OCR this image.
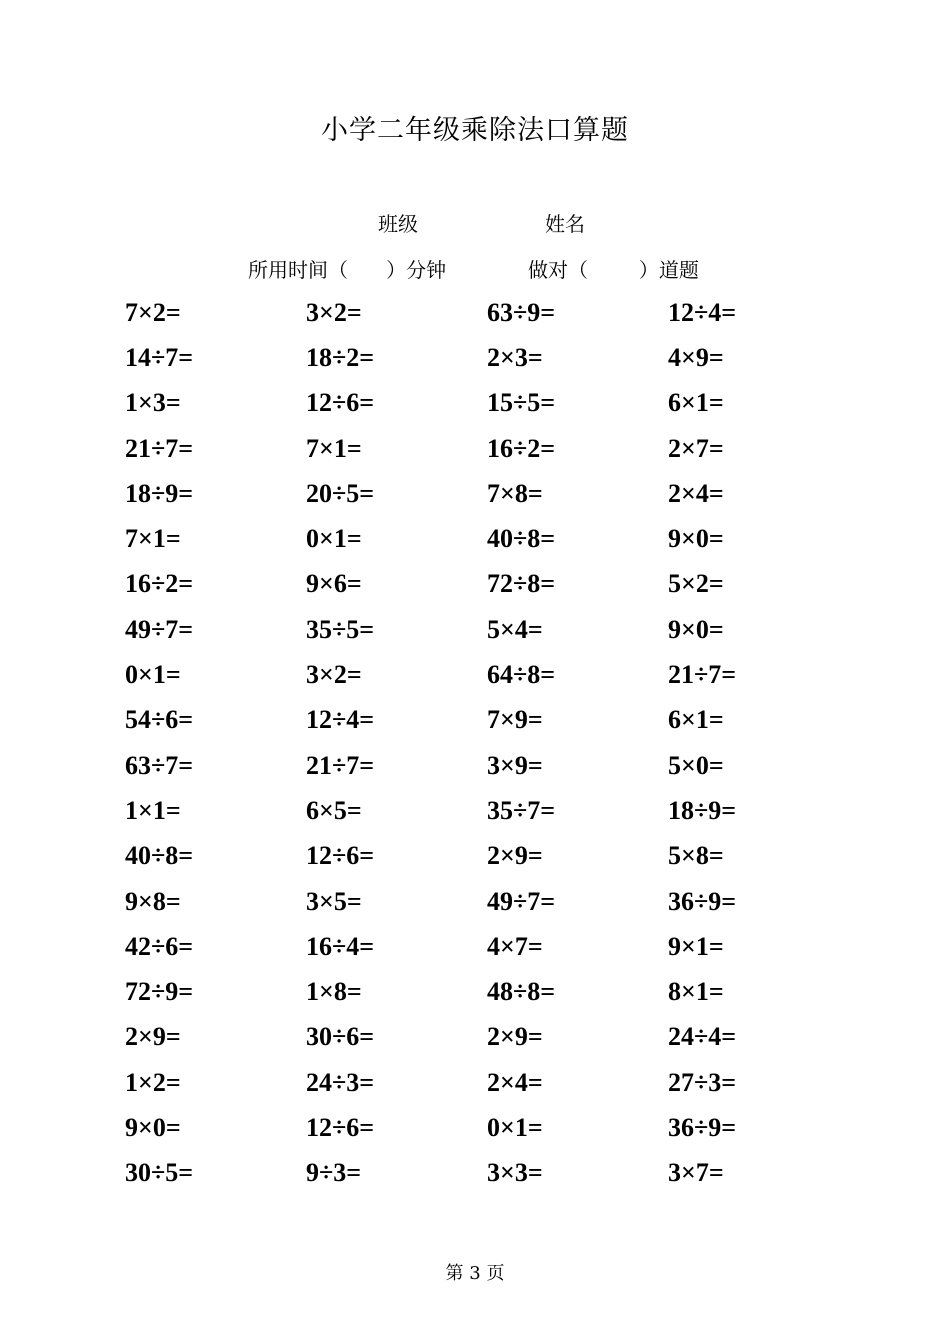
小学二年级乘除法口算题
班级	姓名
所用时间（      ）分钟	做对（        ）道题
7×2=	3×2=	63÷9=	12÷4=
14÷7=	18÷2=	2×3=	4×9=
1×3=	12÷6=	15÷5=	6×1=
21÷7=	7×1=	16÷2=	2×7=
18÷9=	20÷5=	7×8=	2×4=
7×1=	0×1=	40÷8=	9×0=
16÷2=	9×6=	72÷8=	5×2=
49÷7=	35÷5=	5×4=	9×0=
0×1=	3×2=	64÷8=	21÷7=
54÷6=	12÷4=	7×9=	6×1=
63÷7=	21÷7=	3×9=	5×0=
1×1=	6×5=	35÷7=	18÷9=
40÷8=	12÷6=	2×9=	5×8=
9×8=	3×5=	49÷7=	36÷9=
42÷6=	16÷4=	4×7=	9×1=
72÷9=	1×8=	48÷8=	8×1=
2×9=	30÷6=	2×9=	24÷4=
1×2=	24÷3=	2×4=	27÷3=
9×0=	12÷6=	0×1=	36÷9=
30÷5=	9÷3=	3×3=	3×7=
第 3 页
